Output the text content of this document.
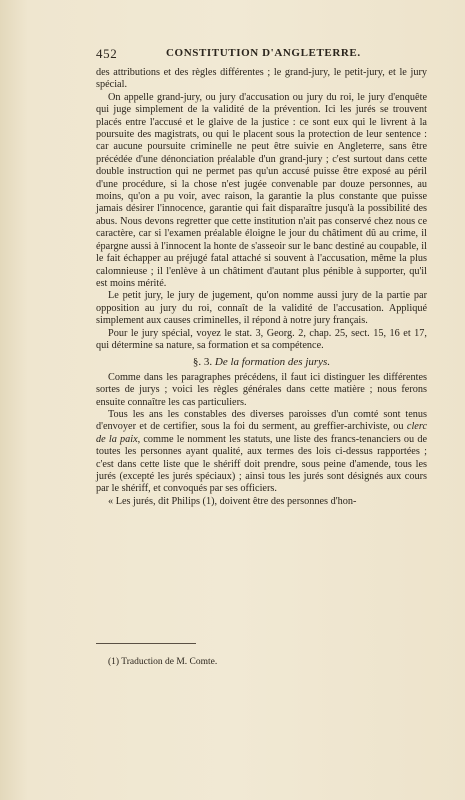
452	CONSTITUTION D'ANGLETERRE.

des attributions et des règles différentes ; le grand-jury, le petit-jury, et le jury spécial.

On appelle grand-jury, ou jury d'accusation ou jury du roi, le jury d'enquête qui juge simplement de la validité de la prévention. Ici les jurés se trouvent placés entre l'accusé et le glaive de la justice : ce sont eux qui le livrent à la poursuite des magistrats, ou qui le placent sous la protection de leur sentence : car aucune poursuite criminelle ne peut être suivie en Angleterre, sans être précédée d'une dénonciation préalable d'un grand-jury ; c'est surtout dans cette double instruction qui ne permet pas qu'un accusé puisse être exposé au péril d'une procédure, si la chose n'est jugée convenable par douze personnes, au moins, qu'on a pu voir, avec raison, la garantie la plus constante que puisse jamais désirer l'innocence, garantie qui fait disparaître jusqu'à la possibilité des abus. Nous devons regretter que cette institution n'ait pas conservé chez nous ce caractère, car si l'examen préalable éloigne le jour du châtiment dû au crime, il épargne aussi à l'innocent la honte de s'asseoir sur le banc destiné au coupable, il le fait échapper au préjugé fatal attaché si souvent à l'accusation, même la plus calomnieuse ; il l'enlève à un châtiment d'autant plus pénible à supporter, qu'il est moins mérité.

Le petit jury, le jury de jugement, qu'on nomme aussi jury de la partie par opposition au jury du roi, connaît de la validité de l'accusation. Appliqué simplement aux causes criminelles, il répond à notre jury français.

Pour le jury spécial, voyez le stat. 3, Georg. 2, chap. 25, sect. 15, 16 et 17, qui détermine sa nature, sa formation et sa compétence.

§. 3. De la formation des jurys.

Comme dans les paragraphes précédens, il faut ici distinguer les différentes sortes de jurys ; voici les règles générales dans cette matière ; nous ferons ensuite connaître les cas particuliers.

Tous les ans les constables des diverses paroisses d'un comté sont tenus d'envoyer et de certifier, sous la foi du serment, au greffier-archiviste, ou clerc de la paix, comme le nomment les statuts, une liste des francs-tenanciers ou de toutes les personnes ayant qualité, aux termes des lois ci-dessus rapportées ; c'est dans cette liste que le shériff doit prendre, sous peine d'amende, tous les jurés (excepté les jurés spéciaux) ; ainsi tous les jurés sont désignés aux cours par le shériff, et convoqués par ses officiers.

« Les jurés, dit Philips (1), doivent être des personnes d'hon-

(1) Traduction de M. Comte.
